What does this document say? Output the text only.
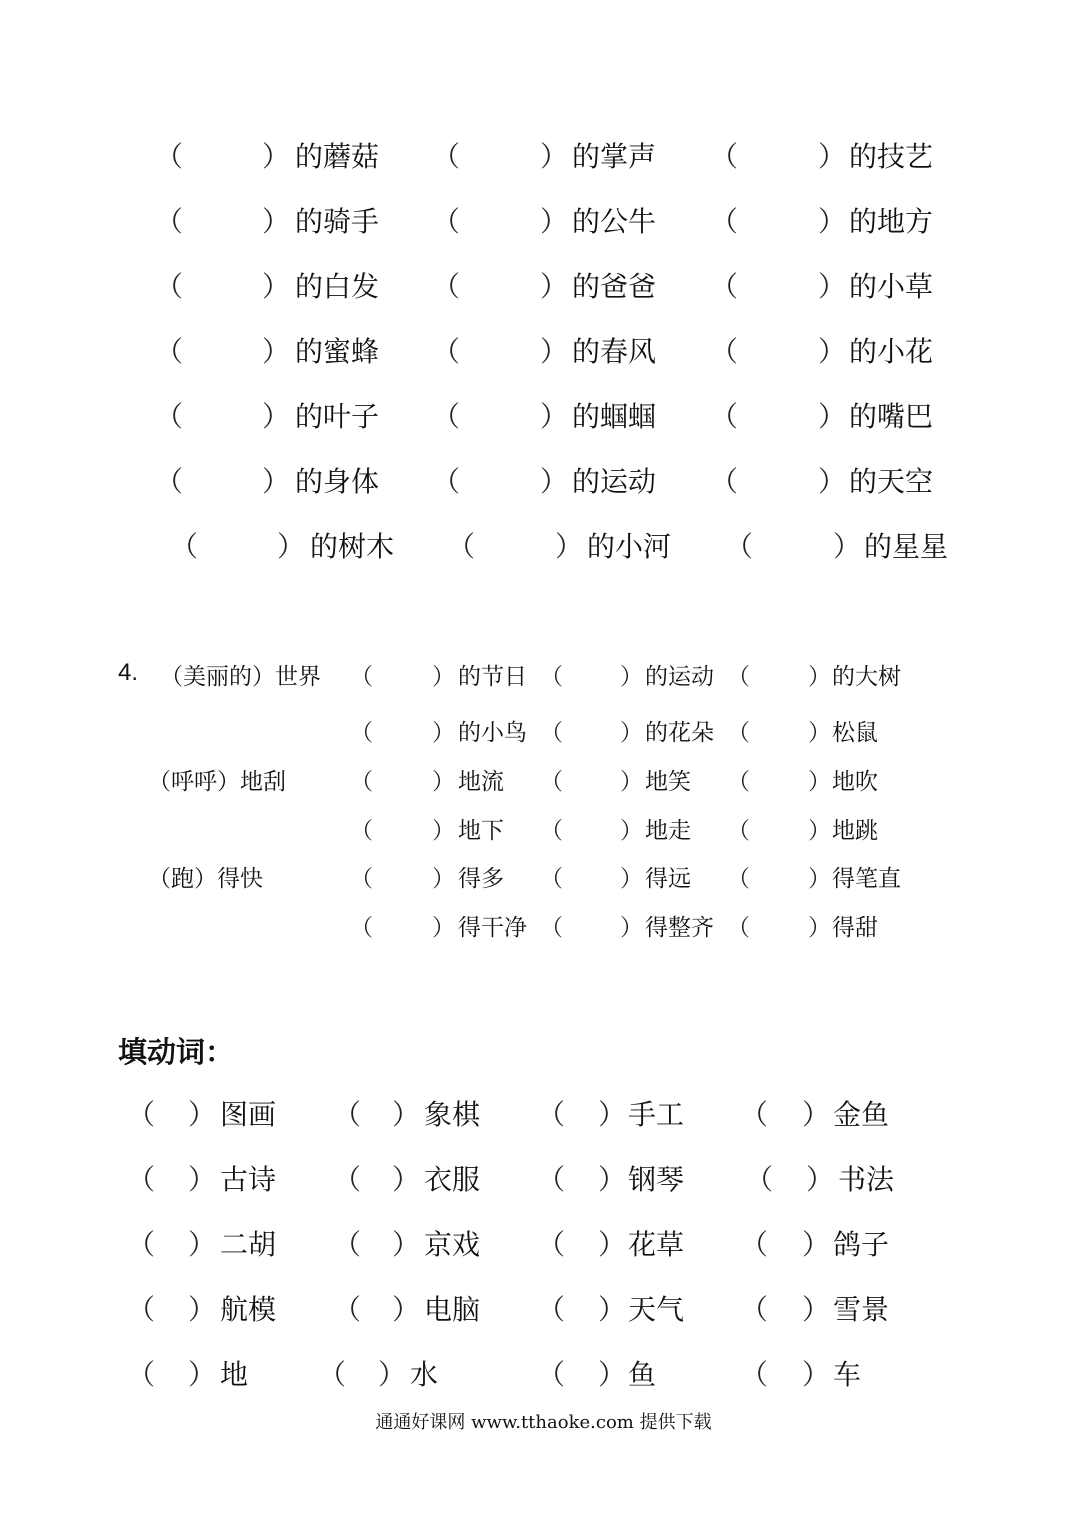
（	） 的蘑菇 （	） 的掌声 （	） 的技艺
（	） 的骑手 （	） 的公牛 （	） 的地方
（	） 的白发 （	） 的爸爸 （	） 的小草
（	） 的蜜蜂 （	） 的春风 （	） 的小花
（	） 的叶子 （	） 的蝈蝈 （	） 的嘴巴
（	） 的身体 （	） 的运动 （	） 的天空
（	） 的树木 （	） 的小河 （	） 的星星
4. （美丽的）世界 （	） 的节日 （ ） 的运动 （	） 的大树
（	） 的小鸟 （ ） 的花朵 （	） 松鼠
（呼呼）地刮	（	） 地流 （ ） 地笑 （	） 地吹
（	） 地下 （ ） 地走 （	） 地跳
（跑）得快	（	） 得多 （ ） 得远 （	） 得笔直
（	） 得干净 （ ） 得整齐 （	） 得甜
填动词：
（ ） 图画 （ ） 象棋 （ ） 手工 （ ） 金鱼
（ ） 古诗 （ ） 衣服 （ ） 钢琴 （ ） 书法
（ ） 二胡 （ ） 京戏 （ ） 花草 （ ） 鸽子
（ ） 航模 （ ） 电脑 （ ） 天气 （ ） 雪景
（ ） 地 （ ） 水	（ ） 鱼	（ ） 车
通通好课网 www.tthaoke.com 提供下载
